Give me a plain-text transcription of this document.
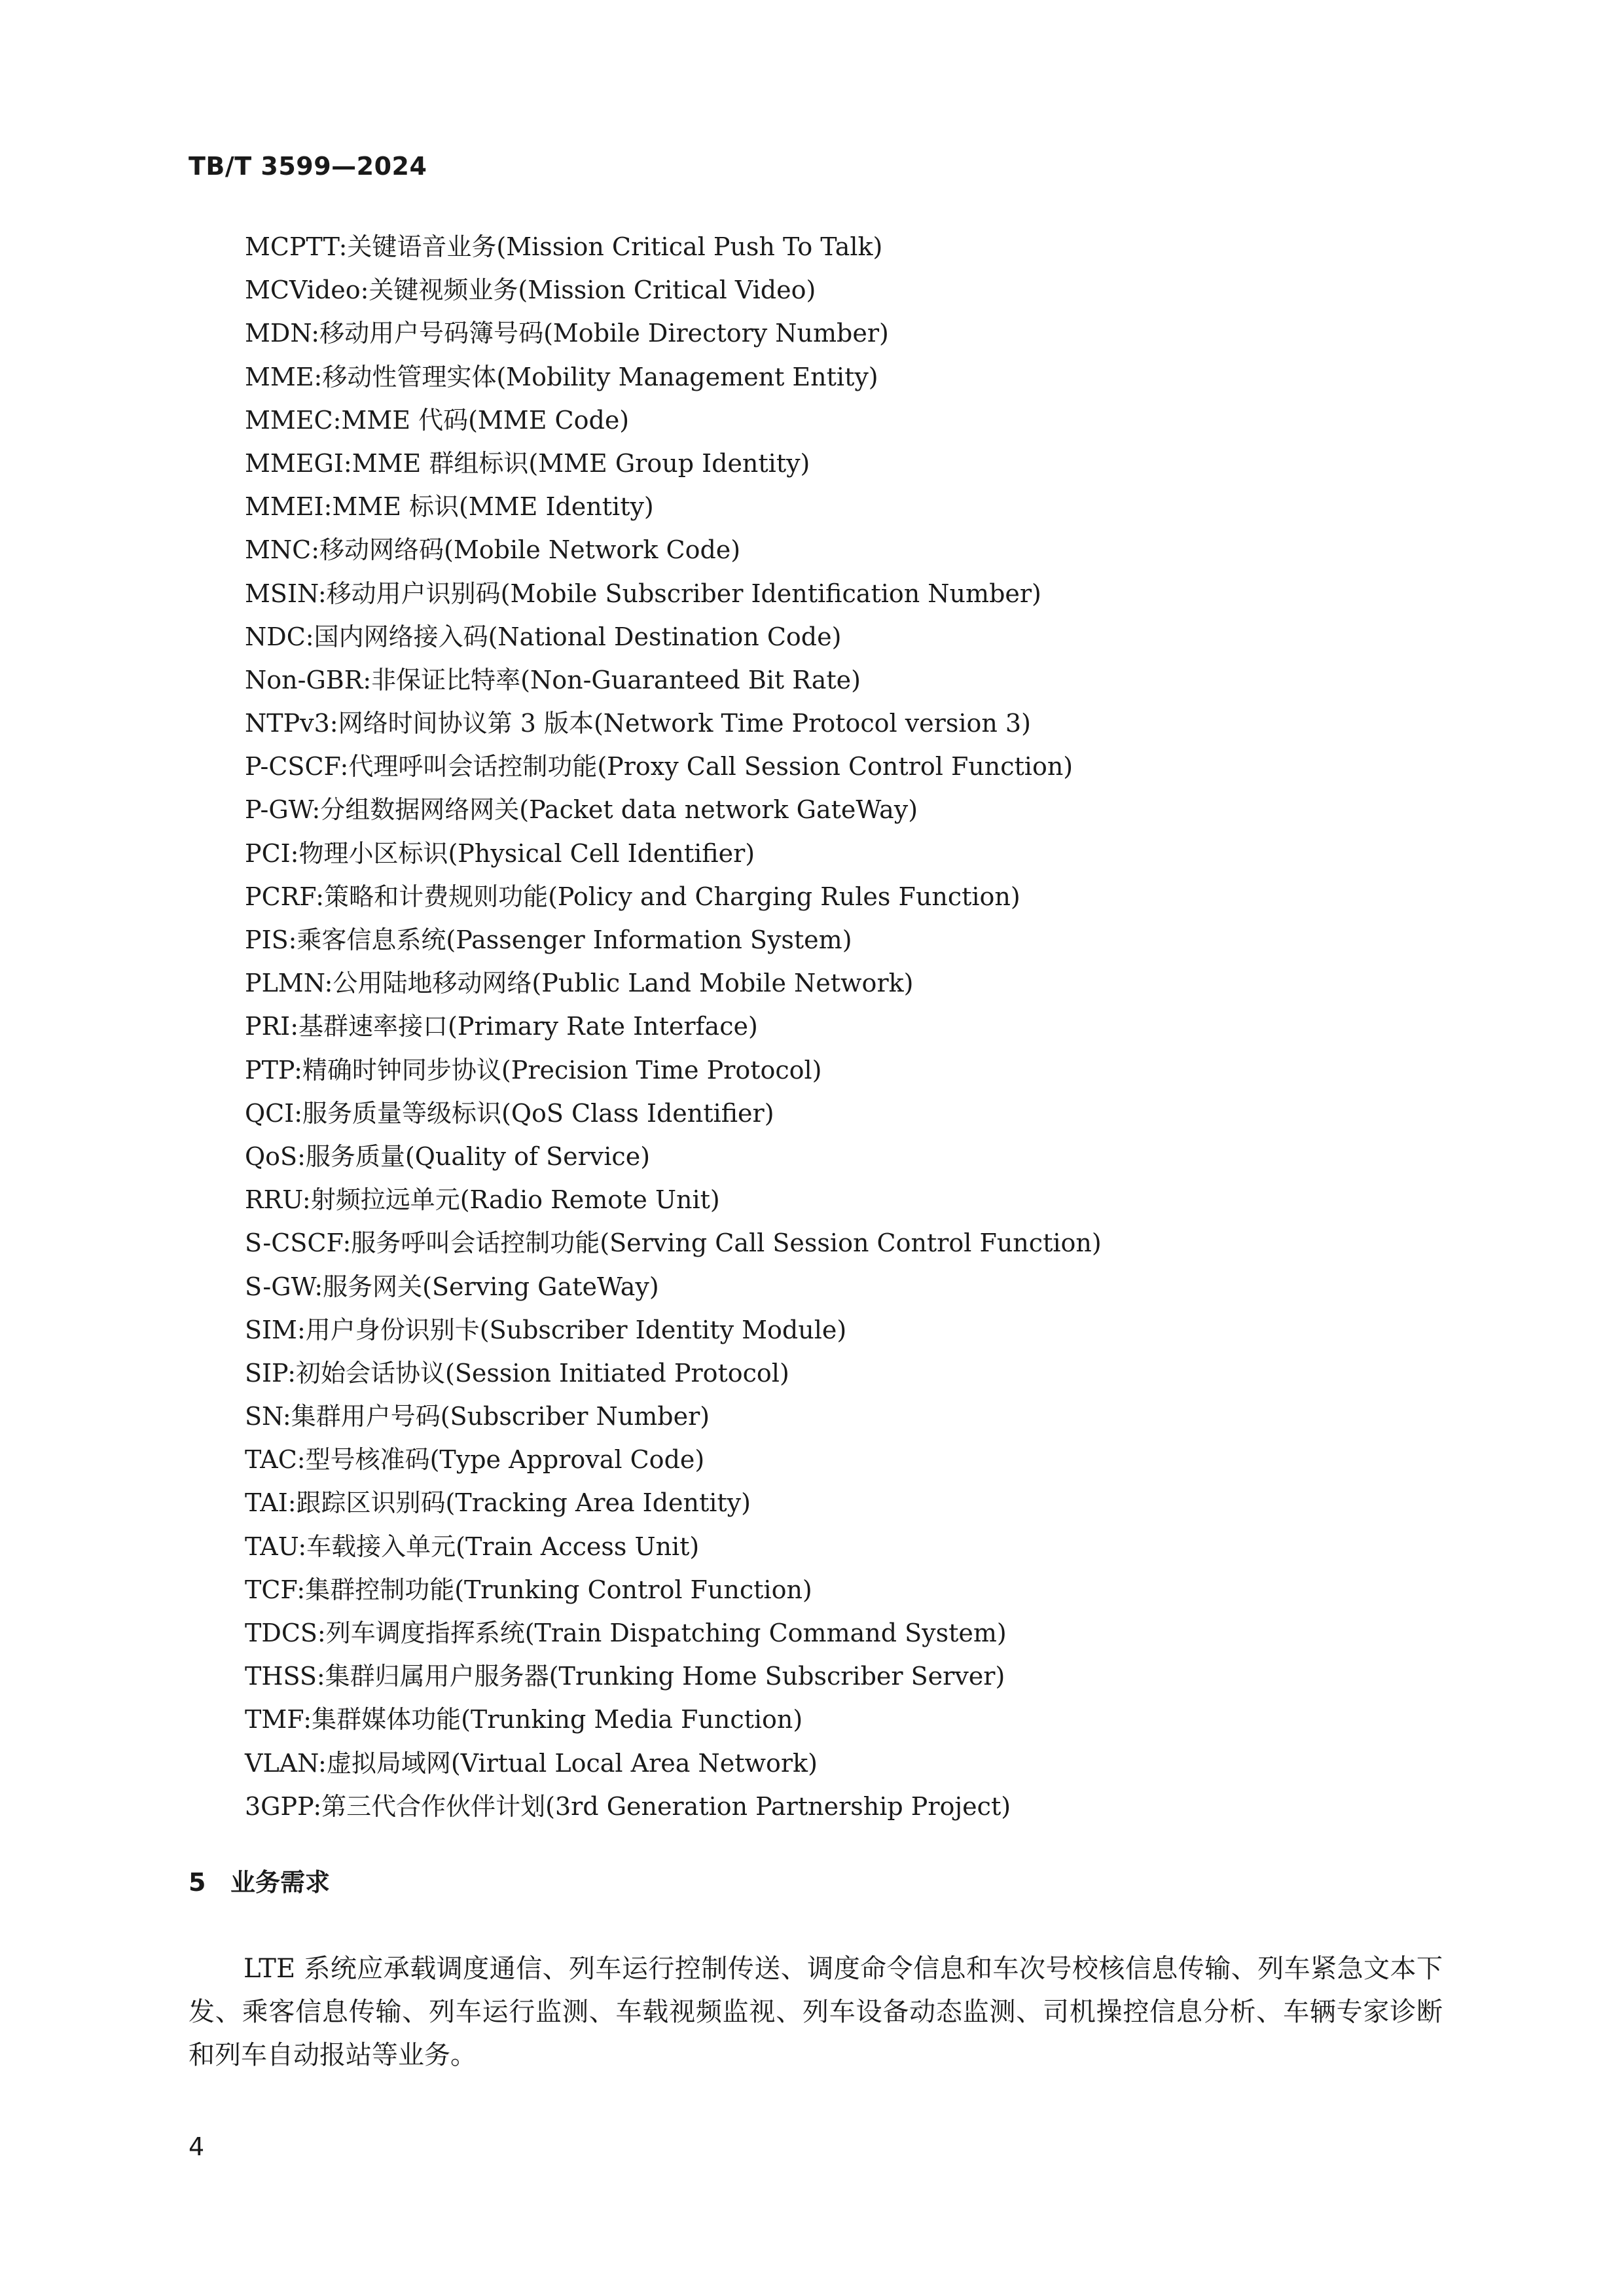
TB/T 3599—2024
MCPTT:关键语音业务(Mission Critical Push To Talk)
MCVideo:关键视频业务(Mission Critical Video)
MDN:移动用户号码簿号码(Mobile Directory Number)
MME:移动性管理实体(Mobility Management Entity)
MMEC:MME 代码(MME Code)
MMEGI:MME 群组标识(MME Group Identity)
MMEI:MME 标识(MME Identity)
MNC:移动网络码(Mobile Network Code)
MSIN:移动用户识别码(Mobile Subscriber Identification Number)
NDC:国内网络接入码(National Destination Code)
Non-GBR:非保证比特率(Non-Guaranteed Bit Rate)
NTPv3:网络时间协议第 3 版本(Network Time Protocol version 3)
P-CSCF:代理呼叫会话控制功能(Proxy Call Session Control Function)
P-GW:分组数据网络网关(Packet data network GateWay)
PCI:物理小区标识(Physical Cell Identifier)
PCRF:策略和计费规则功能(Policy and Charging Rules Function)
PIS:乘客信息系统(Passenger Information System)
PLMN:公用陆地移动网络(Public Land Mobile Network)
PRI:基群速率接口(Primary Rate Interface)
PTP:精确时钟同步协议(Precision Time Protocol)
QCI:服务质量等级标识(QoS Class Identifier)
QoS:服务质量(Quality of Service)
RRU:射频拉远单元(Radio Remote Unit)
S-CSCF:服务呼叫会话控制功能(Serving Call Session Control Function)
S-GW:服务网关(Serving GateWay)
SIM:用户身份识别卡(Subscriber Identity Module)
SIP:初始会话协议(Session Initiated Protocol)
SN:集群用户号码(Subscriber Number)
TAC:型号核准码(Type Approval Code)
TAI:跟踪区识别码(Tracking Area Identity)
TAU:车载接入单元(Train Access Unit)
TCF:集群控制功能(Trunking Control Function)
TDCS:列车调度指挥系统(Train Dispatching Command System)
THSS:集群归属用户服务器(Trunking Home Subscriber Server)
TMF:集群媒体功能(Trunking Media Function)
VLAN:虚拟局域网(Virtual Local Area Network)
3GPP:第三代合作伙伴计划(3rd Generation Partnership Project)
5 业务需求

LTE 系统应承载调度通信、列车运行控制传送、调度命令信息和车次号校核信息传输、列车紧急文本下发、乘客信息传输、列车运行监测、车载视频监视、列车设备动态监测、司机操控信息分析、车辆专家诊断和列车自动报站等业务。

4
